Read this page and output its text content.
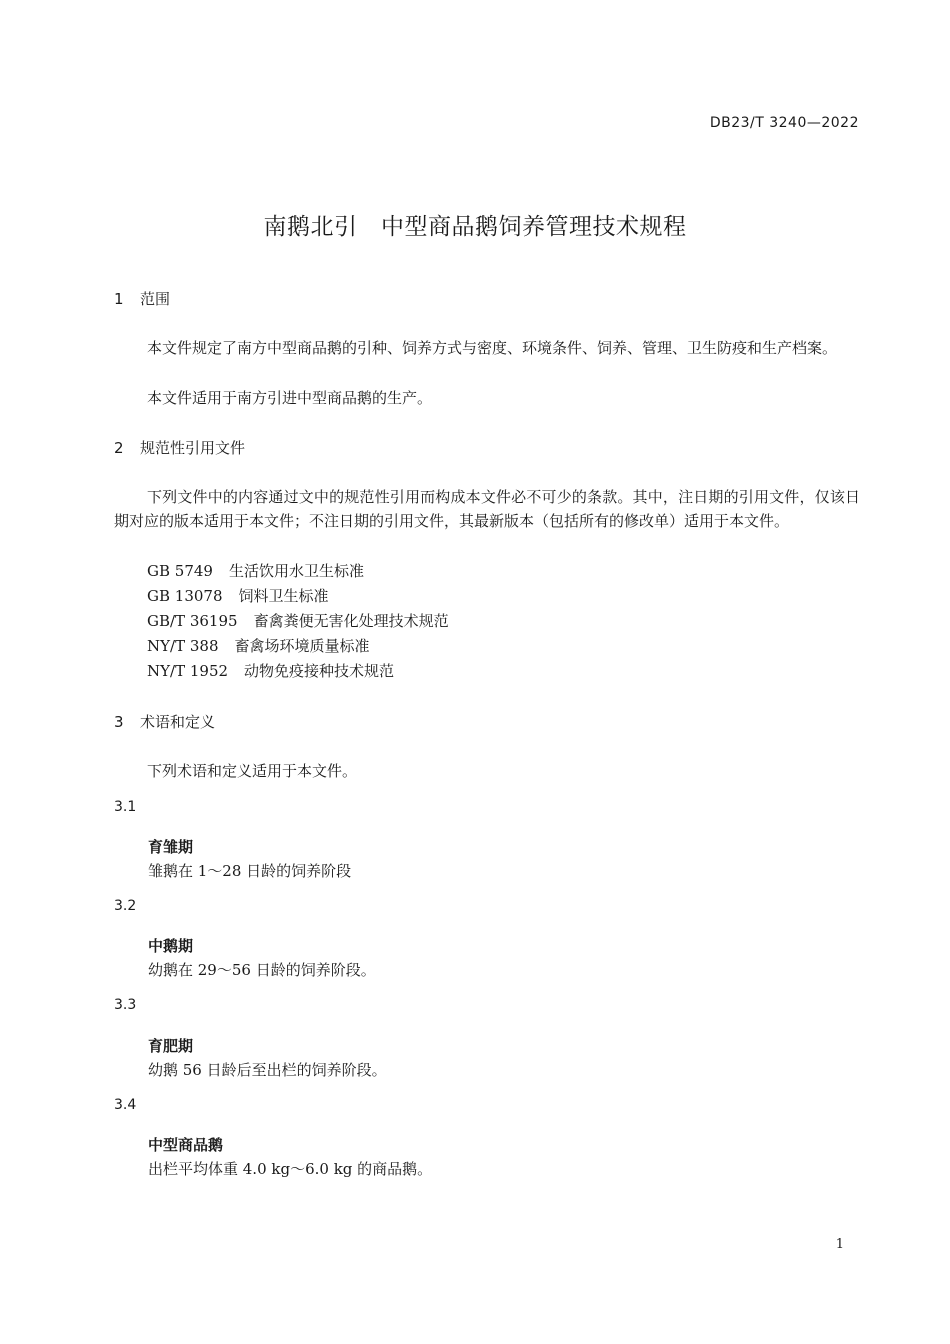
DB23/T 3240—2022
南鹅北引　中型商品鹅饲养管理技术规程
1 范围
本文件规定了南方中型商品鹅的引种、饲养方式与密度、环境条件、饲养、管理、卫生防疫和生产档案。
本文件适用于南方引进中型商品鹅的生产。
2 规范性引用文件
下列文件中的内容通过文中的规范性引用而构成本文件必不可少的条款。其中，注日期的引用文件，仅该日期对应的版本适用于本文件；不注日期的引用文件，其最新版本（包括所有的修改单）适用于本文件。
GB 5749 生活饮用水卫生标准
GB 13078 饲料卫生标准
GB/T 36195 畜禽粪便无害化处理技术规范
NY/T 388 畜禽场环境质量标准
NY/T 1952 动物免疫接种技术规范
3 术语和定义
下列术语和定义适用于本文件。
3.1
育雏期
雏鹅在 1～28 日龄的饲养阶段
3.2
中鹅期
幼鹅在 29～56 日龄的饲养阶段。
3.3
育肥期
幼鹅 56 日龄后至出栏的饲养阶段。
3.4
中型商品鹅
出栏平均体重 4.0 kg～6.0 kg 的商品鹅。
1
